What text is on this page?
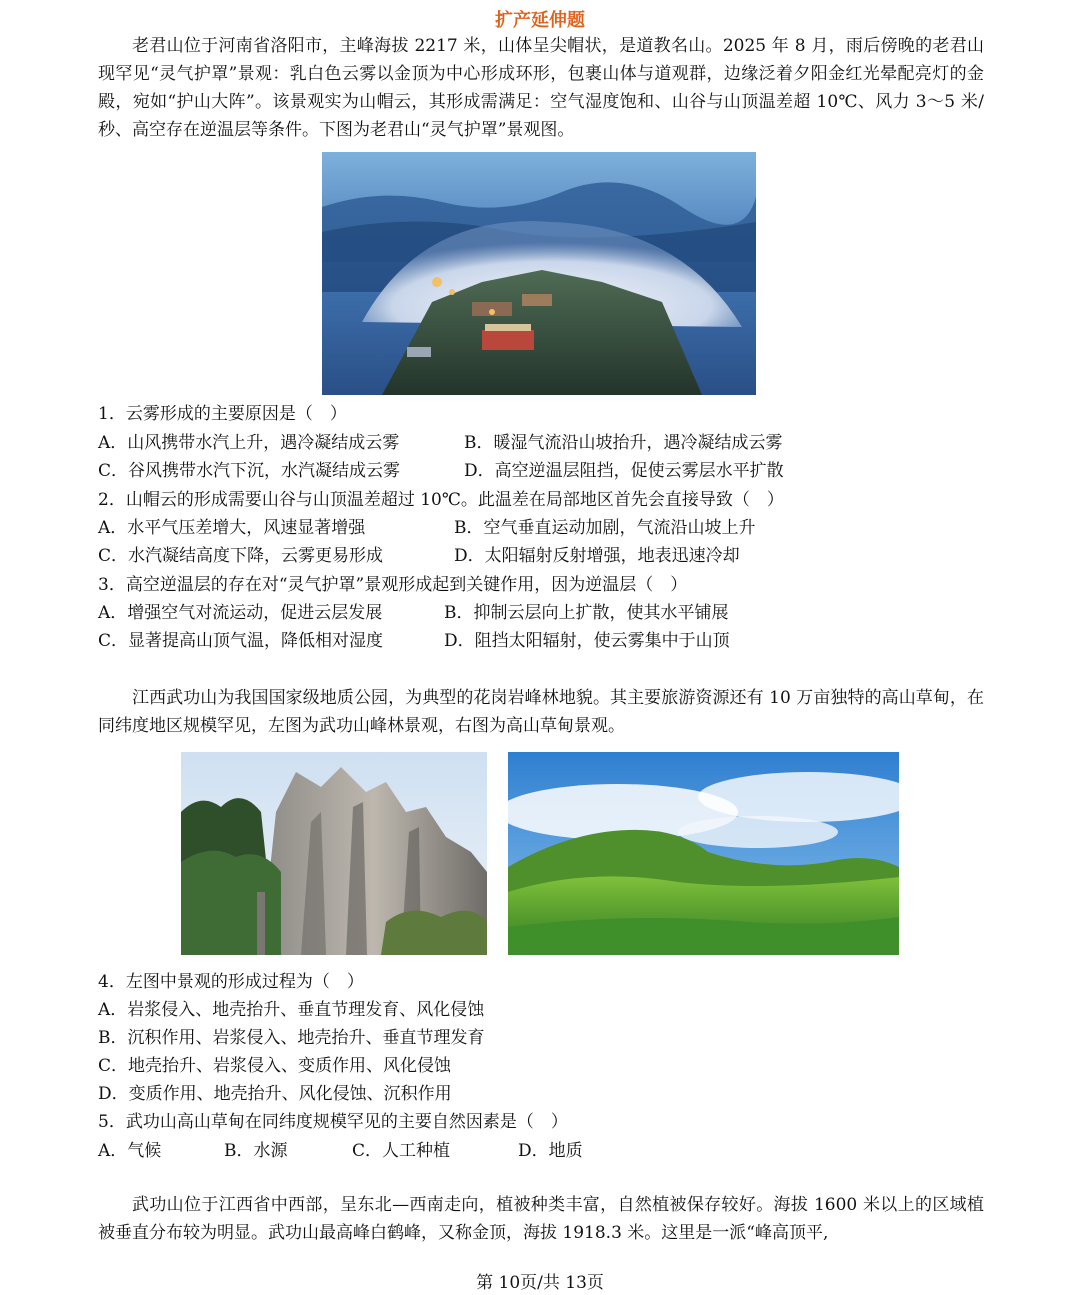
扩产延伸题

老君山位于河南省洛阳市，主峰海拔 2217 米，山体呈尖帽状，是道教名山。2025 年 8 月，雨后傍晚的老君山现罕见“灵气护罩”景观：乳白色云雾以金顶为中心形成环形，包裹山体与道观群，边缘泛着夕阳金红光晕配亮灯的金殿，宛如“护山大阵”。该景观实为山帽云，其形成需满足：空气湿度饱和、山谷与山顶温差超 10℃、风力 3～5 米/秒、高空存在逆温层等条件。下图为老君山“灵气护罩”景观图。

1．云雾形成的主要原因是（　）
A．山风携带水汽上升，遇冷凝结成云雾	B．暖湿气流沿山坡抬升，遇冷凝结成云雾
C．谷风携带水汽下沉，水汽凝结成云雾	D．高空逆温层阻挡，促使云雾层水平扩散
2．山帽云的形成需要山谷与山顶温差超过 10℃。此温差在局部地区首先会直接导致（　）
A．水平气压差增大，风速显著增强	B．空气垂直运动加剧，气流沿山坡上升
C．水汽凝结高度下降，云雾更易形成	D．太阳辐射反射增强，地表迅速冷却
3．高空逆温层的存在对“灵气护罩”景观形成起到关键作用，因为逆温层（　）
A．增强空气对流运动，促进云层发展	B．抑制云层向上扩散，使其水平铺展
C．显著提高山顶气温，降低相对湿度	D．阻挡太阳辐射，使云雾集中于山顶

江西武功山为我国国家级地质公园，为典型的花岗岩峰林地貌。其主要旅游资源还有 10 万亩独特的高山草甸，在同纬度地区规模罕见，左图为武功山峰林景观，右图为高山草甸景观。

4．左图中景观的形成过程为（　）
A．岩浆侵入、地壳抬升、垂直节理发育、风化侵蚀
B．沉积作用、岩浆侵入、地壳抬升、垂直节理发育
C．地壳抬升、岩浆侵入、变质作用、风化侵蚀
D．变质作用、地壳抬升、风化侵蚀、沉积作用
5．武功山高山草甸在同纬度规模罕见的主要自然因素是（　）
A．气候	B．水源	C．人工种植	D．地质

武功山位于江西省中西部，呈东北—西南走向，植被种类丰富，自然植被保存较好。海拔 1600 米以上的区域植被垂直分布较为明显。武功山最高峰白鹤峰，又称金顶，海拔 1918.3 米。这里是一派“峰高顶平,

第 10页/共 13页
